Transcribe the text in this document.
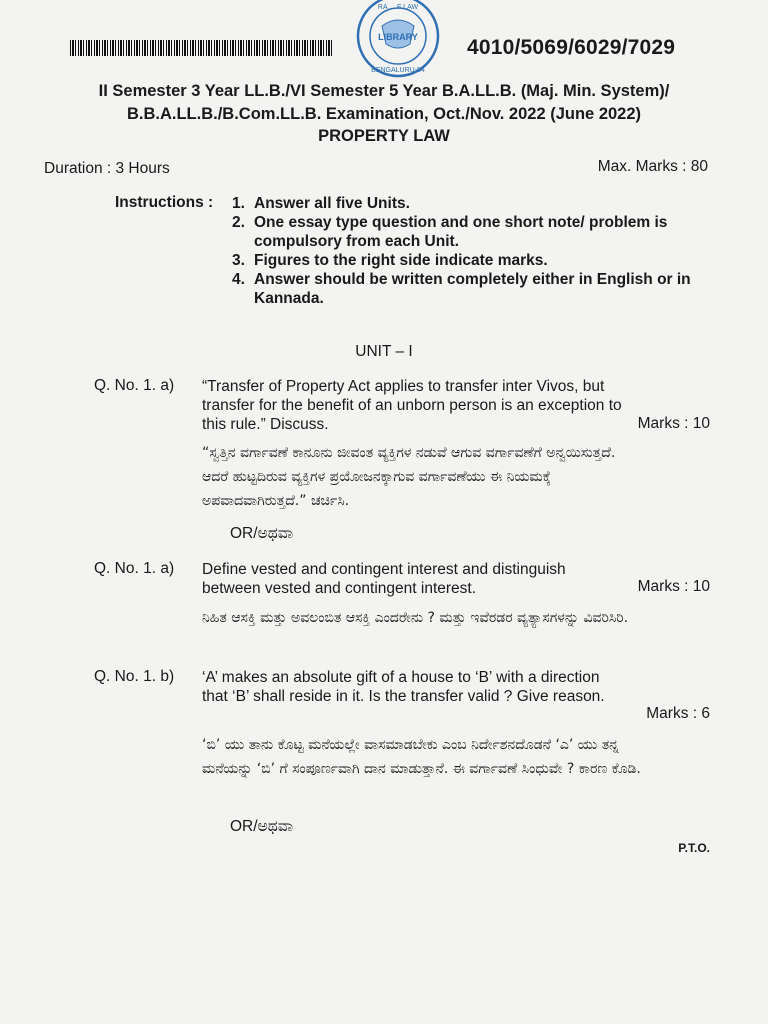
LIBRARY
RA ... F LAW
BENGALURU-54
4010/5069/6029/7029
II Semester 3 Year LL.B./VI Semester 5 Year B.A.LL.B. (Maj. Min. System)/
B.B.A.LL.B./B.Com.LL.B. Examination, Oct./Nov. 2022 (June 2022)
PROPERTY LAW
Duration : 3 Hours	Max. Marks : 80
Instructions : 1. Answer all five Units.
2. One essay type question and one short note/ problem is compulsory from each Unit.
3. Figures to the right side indicate marks.
4. Answer should be written completely either in English or in Kannada.
UNIT – I
Q. No. 1. a) “Transfer of Property Act applies to transfer inter Vivos, but transfer for the benefit of an unborn person is an exception to this rule.” Discuss.	Marks : 10
“ಸ್ವತ್ತಿನ ವರ್ಗಾವಣೆ ಕಾನೂನು ಜೀವಂತ ವ್ಯಕ್ತಿಗಳ ನಡುವೆ ಆಗುವ ವರ್ಗಾವಣೆಗೆ ಅನ್ವಯಿಸುತ್ತದೆ. ಆದರೆ ಹುಟ್ಟದಿರುವ ವ್ಯಕ್ತಿಗಳ ಪ್ರಯೋಜನಕ್ಕಾಗುವ ವರ್ಗಾವಣೆಯು ಈ ನಿಯಮಕ್ಕೆ ಅಪವಾದವಾಗಿರುತ್ತದೆ.” ಚರ್ಚಿಸಿ.
OR/ಅಥವಾ
Q. No. 1. a) Define vested and contingent interest and distinguish between vested and contingent interest.	Marks : 10
ನಿಹಿತ ಆಸಕ್ತಿ ಮತ್ತು ಅವಲಂಬಿತ ಆಸಕ್ತಿ ಎಂದರೇನು ? ಮತ್ತು ಇವೆರಡರ ವ್ಯತ್ಯಾಸಗಳನ್ನು ವಿವರಿಸಿರಿ.
Q. No. 1. b) ‘A’ makes an absolute gift of a house to ‘B’ with a direction that ‘B’ shall reside in it. Is the transfer valid ? Give reason.
Marks : 6
‘ಬಿ’ ಯು ತಾನು ಕೊಟ್ಟ ಮನೆಯಲ್ಲೇ ವಾಸಮಾಡಬೇಕು ಎಂಬ ನಿರ್ದೇಶನದೊಡನೆ ‘ಎ’ ಯು ತನ್ನ ಮನೆಯನ್ನು ‘ಬಿ’ ಗೆ ಸಂಪೂರ್ಣವಾಗಿ ದಾನ ಮಾಡುತ್ತಾನೆ. ಈ ವರ್ಗಾವಣೆ ಸಿಂಧುವೇ ? ಕಾರಣ ಕೊಡಿ.
OR/ಅಥವಾ
P.T.O.
